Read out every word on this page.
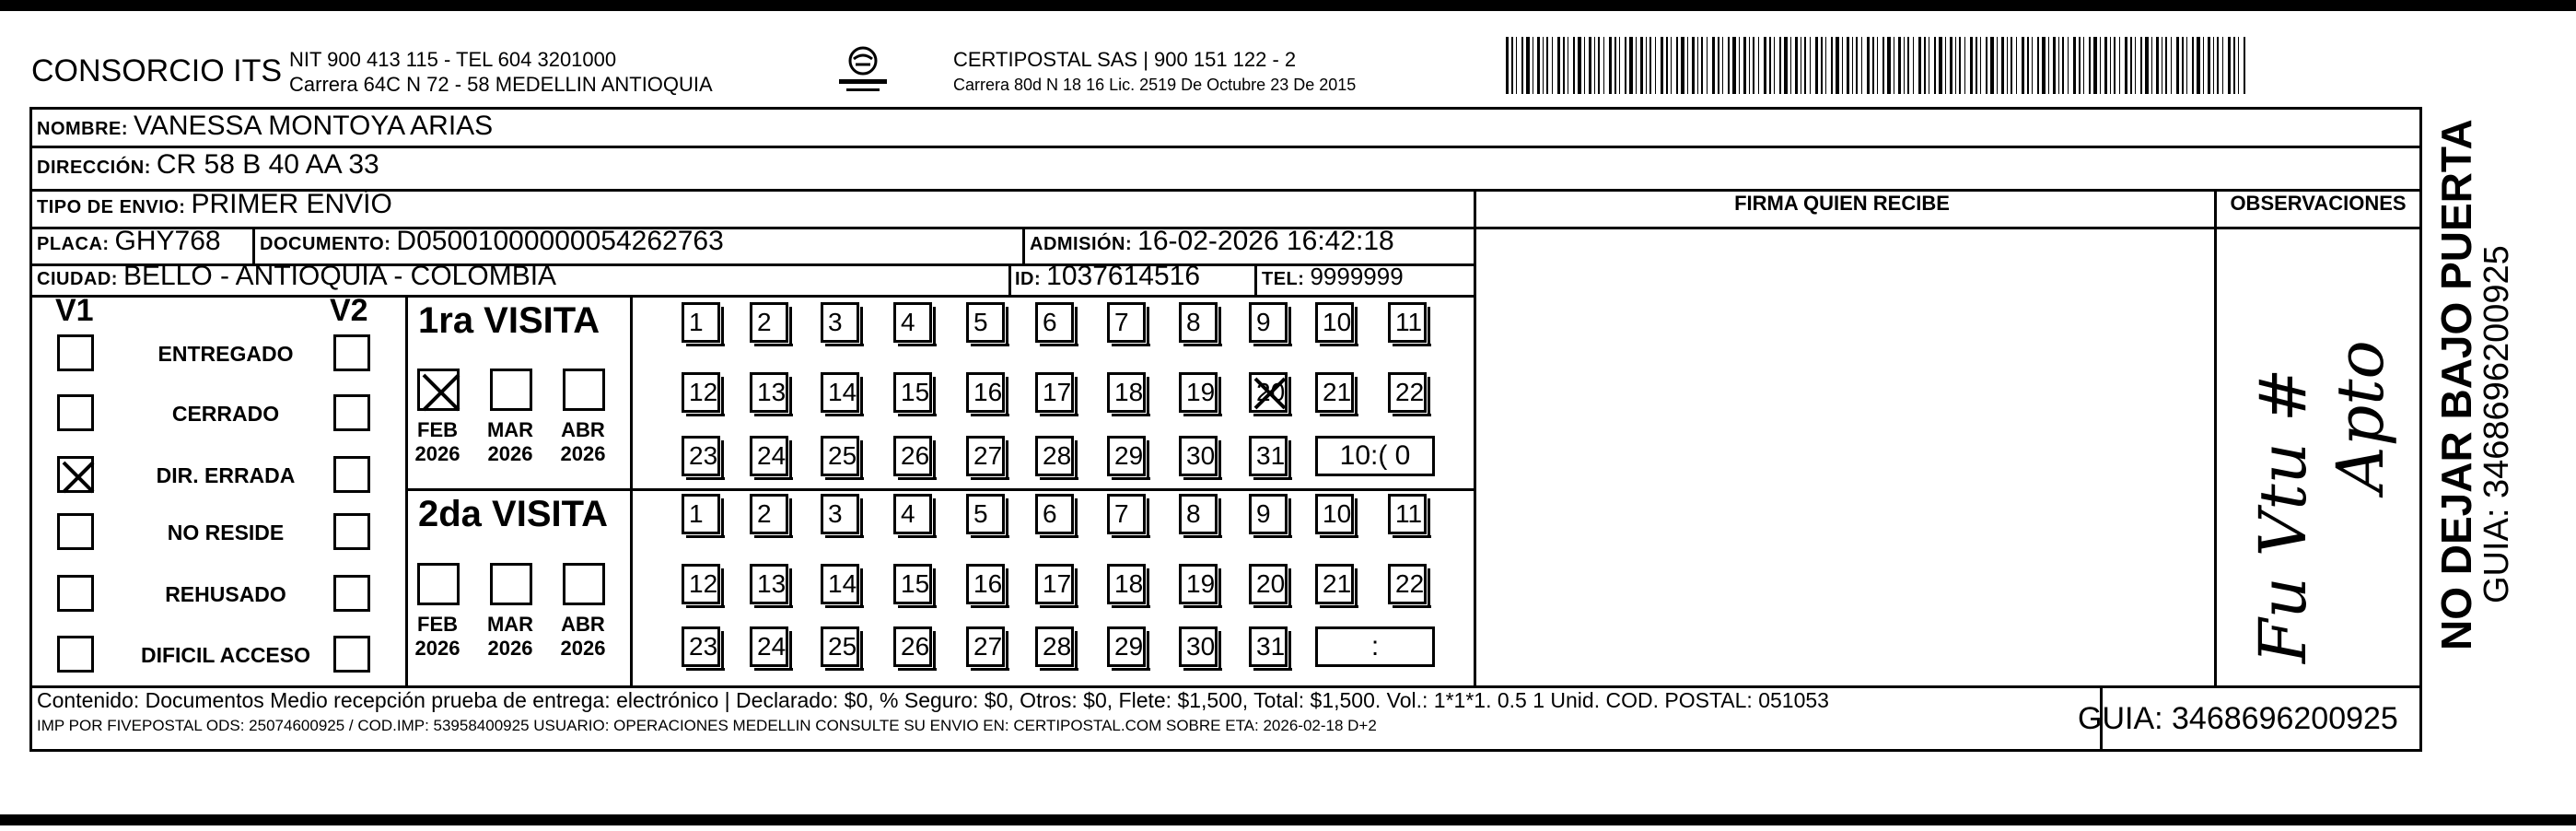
CONSORCIO ITS NIT 900 413 115 - TEL 604 3201000
Carrera 64C N 72 - 58 MEDELLIN ANTIOQUIA
CERTIPOSTAL SAS | 900 151 122 - 2
Carrera 80d N 18 16 Lic. 2519 De Octubre 23 De 2015
NOMBRE: VANESSA MONTOYA ARIAS
DIRECCIÓN: CR 58 B 40 AA 33
TIPO DE ENVIO: PRIMER ENVÍO
PLACA: GHY768 DOCUMENTO: D05001000000054262763	ADMISIÓN: 16-02-2026 16:42:18
CIUDAD: BELLO - ANTIOQUIA - COLOMBIA	ID: 1037614516	TEL: 9999999
FIRMA QUIEN RECIBE	OBSERVACIONES
V1	V2
ENTREGADO
CERRADO
DIR. ERRADA
NO RESIDE
REHUSADO
DIFICIL ACCESO
1ra VISITA
2da VISITA
FEB
2026
MAR
2026
ABR
2026
FEB
2026
MAR
2026
ABR
2026
1	2	3	4	5	6	7	8	9	10 11
12 13 14 15 16 17 18 19 20 21 22
23 24 25 26 27 28 29 30 31	10:( 0
1	2	3	4	5	6	7	8	9	10 11
12 13 14 15 16 17 18 19 20 21 22
23 24 25 26 27 28 29 30 31	:	Fu Vtu # Apto
Contenido: Documentos Medio recepción prueba de entrega: electrónico | Declarado: $0, % Seguro: $0, Otros: $0, Flete: $1,500, Total: $1,500. Vol.: 1*1*1. 0.5 1 Unid. COD. POSTAL: 051053
IMP POR FIVEPOSTAL ODS: 25074600925 / COD.IMP: 53958400925 USUARIO: OPERACIONES MEDELLIN CONSULTE SU ENVIO EN: CERTIPOSTAL.COM SOBRE ETA: 2026-02-18 D+2	GUIA: 3468696200925
NO DEJAR BAJO PUERTA
GUIA: 3468696200925
